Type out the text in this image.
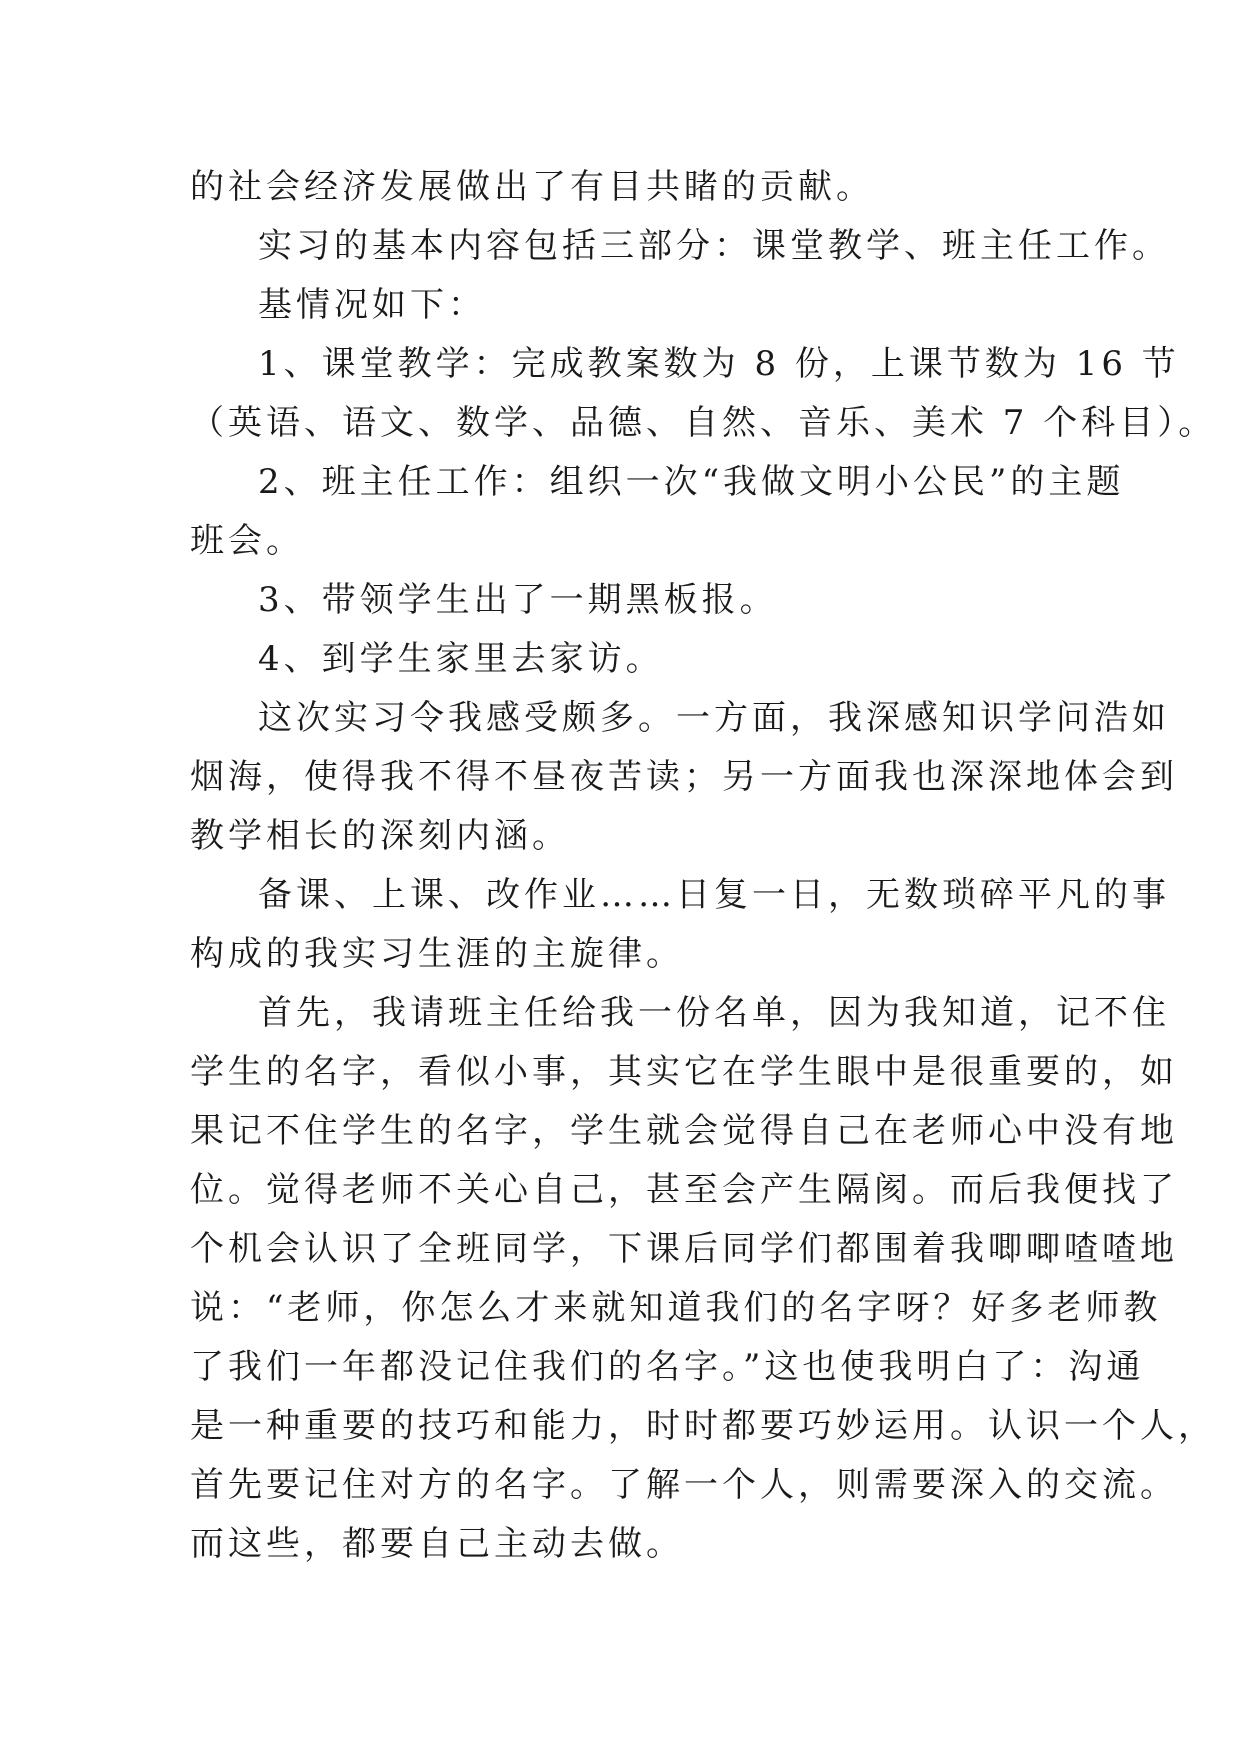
的社会经济发展做出了有目共睹的贡献。
实习的基本内容包括三部分：课堂教学、班主任工作。
基情况如下：
1、课堂教学：完成教案数为 8 份，上课节数为 16 节
（英语、语文、数学、品德、自然、音乐、美术 7 个科目）。
2、班主任工作：组织一次“我做文明小公民”的主题
班会。
3、带领学生出了一期黑板报。
4、到学生家里去家访。
这次实习令我感受颇多。一方面，我深感知识学问浩如
烟海，使得我不得不昼夜苦读；另一方面我也深深地体会到
教学相长的深刻内涵。
备课、上课、改作业……日复一日，无数琐碎平凡的事
构成的我实习生涯的主旋律。
首先，我请班主任给我一份名单，因为我知道，记不住
学生的名字，看似小事，其实它在学生眼中是很重要的，如
果记不住学生的名字，学生就会觉得自己在老师心中没有地
位。觉得老师不关心自己，甚至会产生隔阂。而后我便找了
个机会认识了全班同学，下课后同学们都围着我唧唧喳喳地
说：“老师，你怎么才来就知道我们的名字呀？好多老师教
了我们一年都没记住我们的名字。”这也使我明白了：沟通
是一种重要的技巧和能力，时时都要巧妙运用。认识一个人，
首先要记住对方的名字。了解一个人，则需要深入的交流。
而这些，都要自己主动去做。
